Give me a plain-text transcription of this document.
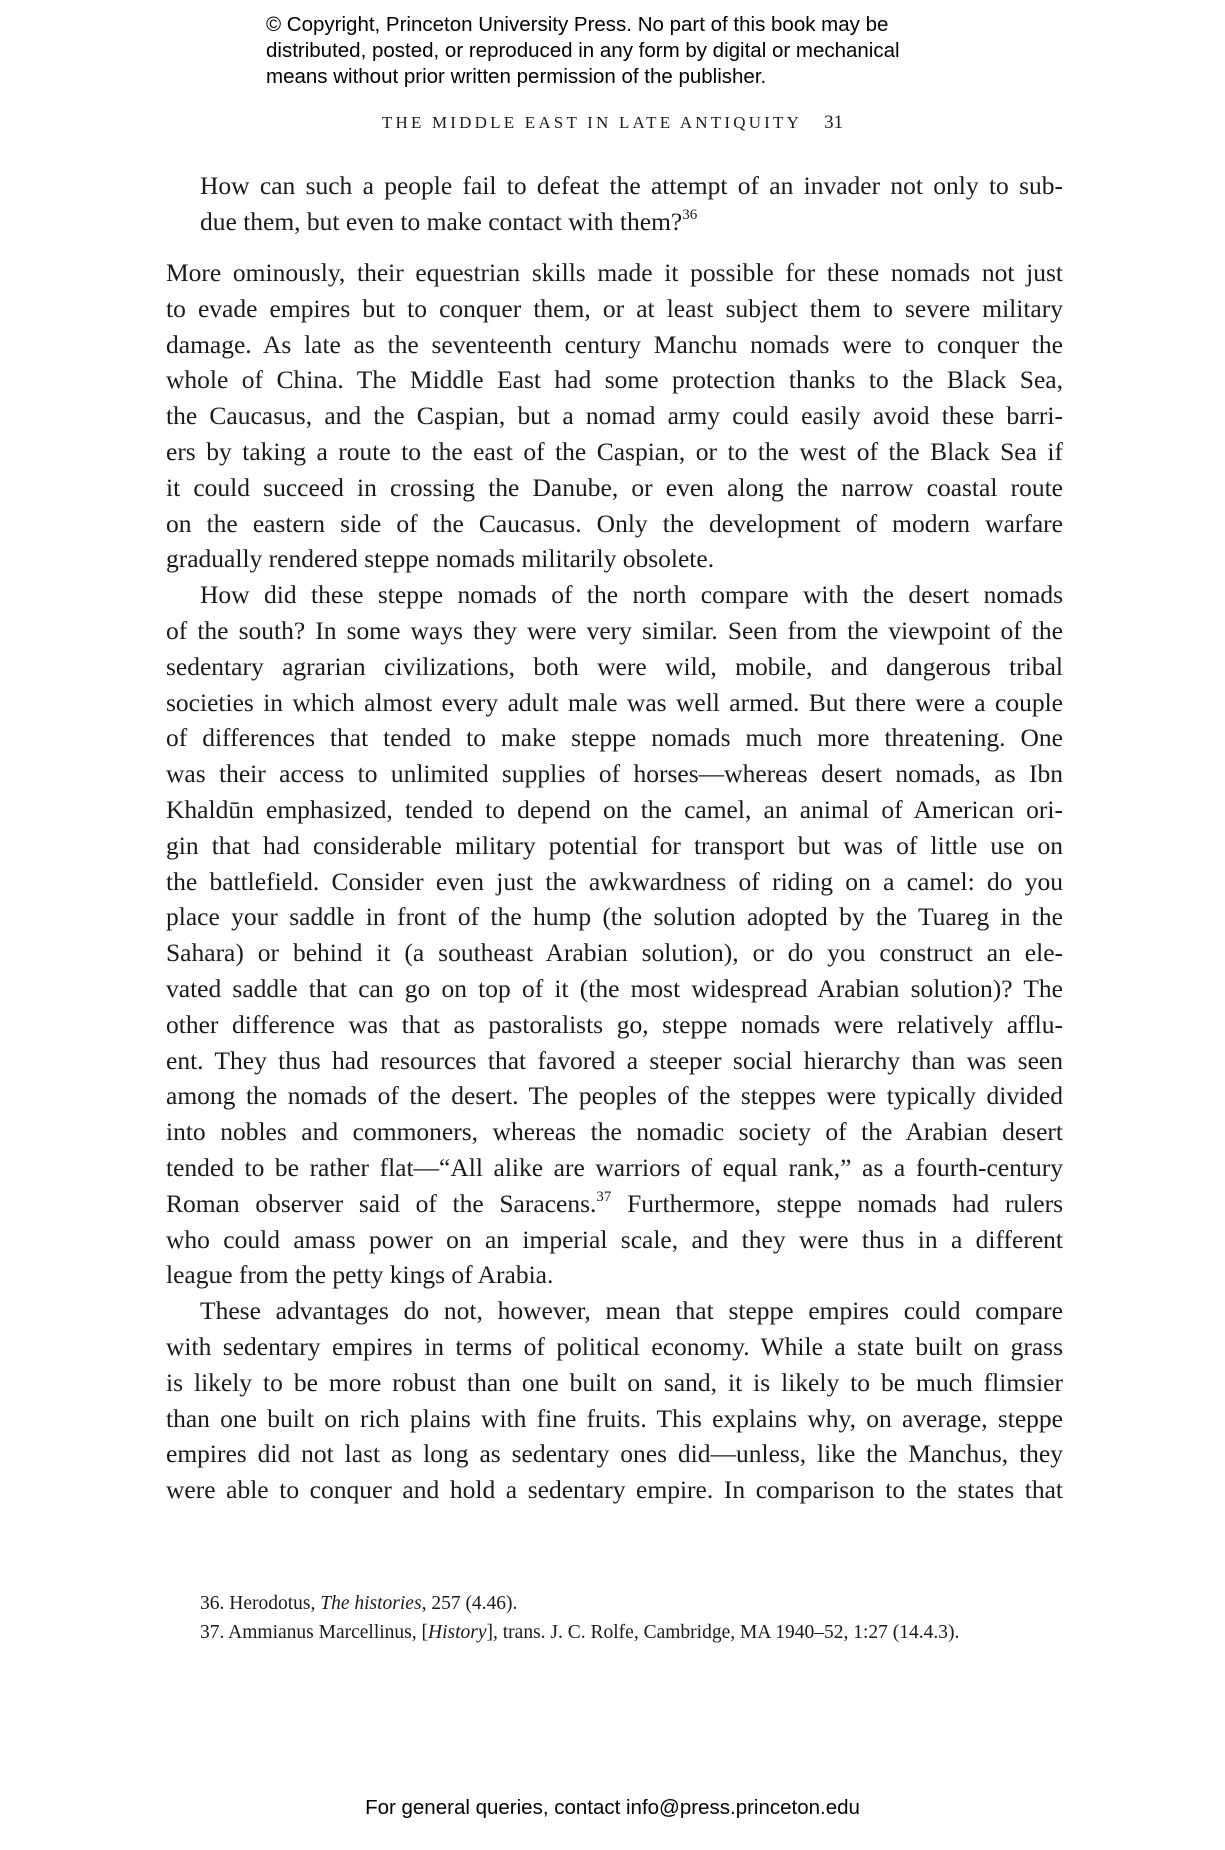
© Copyright, Princeton University Press. No part of this book may be
distributed, posted, or reproduced in any form by digital or mechanical
means without prior written permission of the publisher.
THE MIDDLE EAST IN LATE ANTIQUITY 31
How can such a people fail to defeat the attempt of an invader not only to sub-
due them, but even to make contact with them?$^{36}$
More ominously, their equestrian skills made it possible for these nomads not just
to evade empires but to conquer them, or at least subject them to severe military
damage. As late as the seventeenth century Manchu nomads were to conquer the
whole of China. The Middle East had some protection thanks to the Black Sea,
the Caucasus, and the Caspian, but a nomad army could easily avoid these barri-
ers by taking a route to the east of the Caspian, or to the west of the Black Sea if
it could succeed in crossing the Danube, or even along the narrow coastal route
on the eastern side of the Caucasus. Only the development of modern warfare
gradually rendered steppe nomads militarily obsolete.
How did these steppe nomads of the north compare with the desert nomads
of the south? In some ways they were very similar. Seen from the viewpoint of the
sedentary agrarian civilizations, both were wild, mobile, and dangerous tribal
societies in which almost every adult male was well armed. But there were a couple
of differences that tended to make steppe nomads much more threatening. One
was their access to unlimited supplies of horses—whereas desert nomads, as Ibn
Khaldūn emphasized, tended to depend on the camel, an animal of American ori-
gin that had considerable military potential for transport but was of little use on
the battlefield. Consider even just the awkwardness of riding on a camel: do you
place your saddle in front of the hump (the solution adopted by the Tuareg in the
Sahara) or behind it (a southeast Arabian solution), or do you construct an ele-
vated saddle that can go on top of it (the most widespread Arabian solution)? The
other difference was that as pastoralists go, steppe nomads were relatively afflu-
ent. They thus had resources that favored a steeper social hierarchy than was seen
among the nomads of the desert. The peoples of the steppes were typically divided
into nobles and commoners, whereas the nomadic society of the Arabian desert
tended to be rather flat—“All alike are warriors of equal rank,” as a fourth-century
Roman observer said of the Saracens.$^{37}$ Furthermore, steppe nomads had rulers
who could amass power on an imperial scale, and they were thus in a different
league from the petty kings of Arabia.
These advantages do not, however, mean that steppe empires could compare
with sedentary empires in terms of political economy. While a state built on grass
is likely to be more robust than one built on sand, it is likely to be much flimsier
than one built on rich plains with fine fruits. This explains why, on average, steppe
empires did not last as long as sedentary ones did—unless, like the Manchus, they
were able to conquer and hold a sedentary empire. In comparison to the states that
36. Herodotus, The histories, 257 (4.46).
37. Ammianus Marcellinus, [History], trans. J. C. Rolfe, Cambridge, MA 1940–52, 1:27 (14.4.3).
For general queries, contact info@press.princeton.edu
